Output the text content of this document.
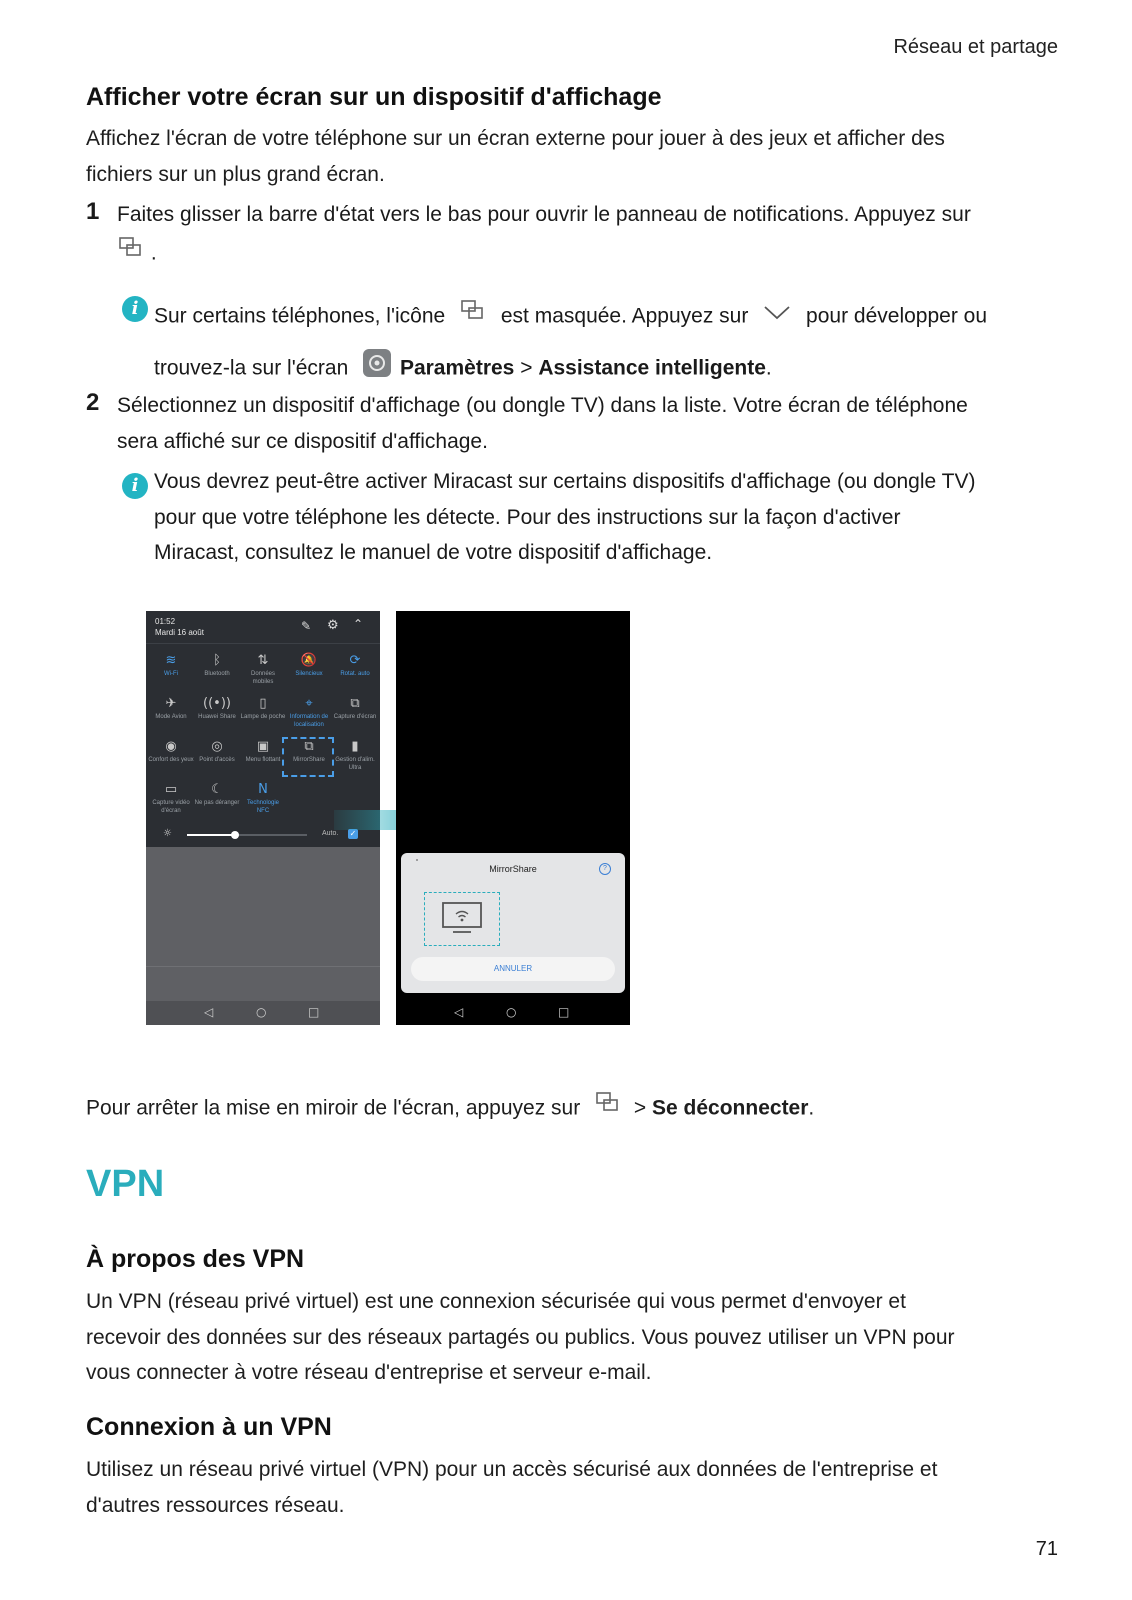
Réseau et partage
Afficher votre écran sur un dispositif d'affichage
Affichez l'écran de votre téléphone sur un écran externe pour jouer à des jeux et afficher des
fichiers sur un plus grand écran.
1 Faites glisser la barre d'état vers le bas pour ouvrir le panneau de notifications. Appuyez sur
.
i Sur certains téléphones, l'icône	est masquée. Appuyez sur	pour développer ou
trouvez-la sur l'écran Paramètres > Assistance intelligente.
2 Sélectionnez un dispositif d'affichage (ou dongle TV) dans la liste. Votre écran de téléphone
sera affiché sur ce dispositif d'affichage.
i Vous devrez peut-être activer Miracast sur certains dispositifs d'affichage (ou dongle TV)
pour que votre téléphone les détecte. Pour des instructions sur la façon d'activer
Miracast, consultez le manuel de votre dispositif d'affichage.
01:52
Mardi 16 août	✎ ⚙ ⌃
≋
Wi-Fi
ᛒ
Bluetooth
⇅
Données mobiles
🔕
Silencieux
⟳
Rotat. auto
✈
Mode Avion
((•))
Huawei Share
▯
Lampe de poche
⌖
Information de localisation
⧉
Capture d'écran
◉
Confort des yeux
◎
Point d'accès
▣
Menu flottant
⧉
MirrorShare
▮
Gestion d'alim. Ultra
▭
Capture vidéo d'écran
☾
Ne pas déranger
N
Technologie NFC
☼	Auto. ✓
◁	○	□
MirrorShare	?
ANNULER
◁	○	□
Pour arrêter la mise en miroir de l'écran, appuyez sur	> Se déconnecter.
VPN
À propos des VPN
Un VPN (réseau privé virtuel) est une connexion sécurisée qui vous permet d'envoyer et
recevoir des données sur des réseaux partagés ou publics. Vous pouvez utiliser un VPN pour
vous connecter à votre réseau d'entreprise et serveur e-mail.
Connexion à un VPN
Utilisez un réseau privé virtuel (VPN) pour un accès sécurisé aux données de l'entreprise et
d'autres ressources réseau.
71
